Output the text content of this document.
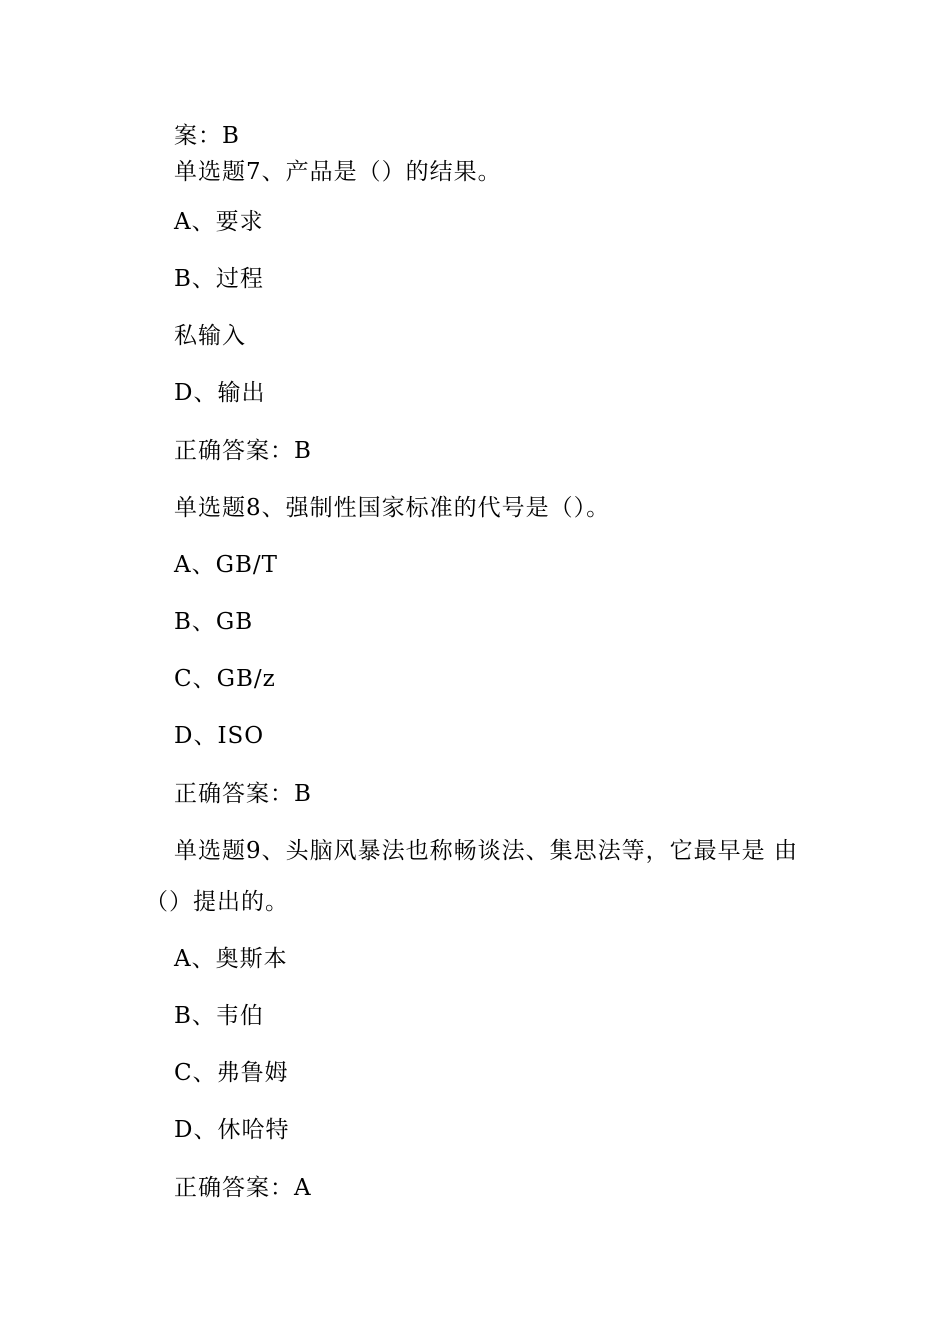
案：B
单选题7、产品是（）的结果。
A、要求
B、过程
私输入
D、输出
正确答案：B
单选题8、强制性国家标准的代号是（）。
A、GB/T
B、GB
C、GB/z
D、ISO
正确答案：B
单选题9、头脑风暴法也称畅谈法、集思法等，它最早是 由
（）提出的。
A、奥斯本
B、韦伯
C、弗鲁姆
D、休哈特
正确答案：A
